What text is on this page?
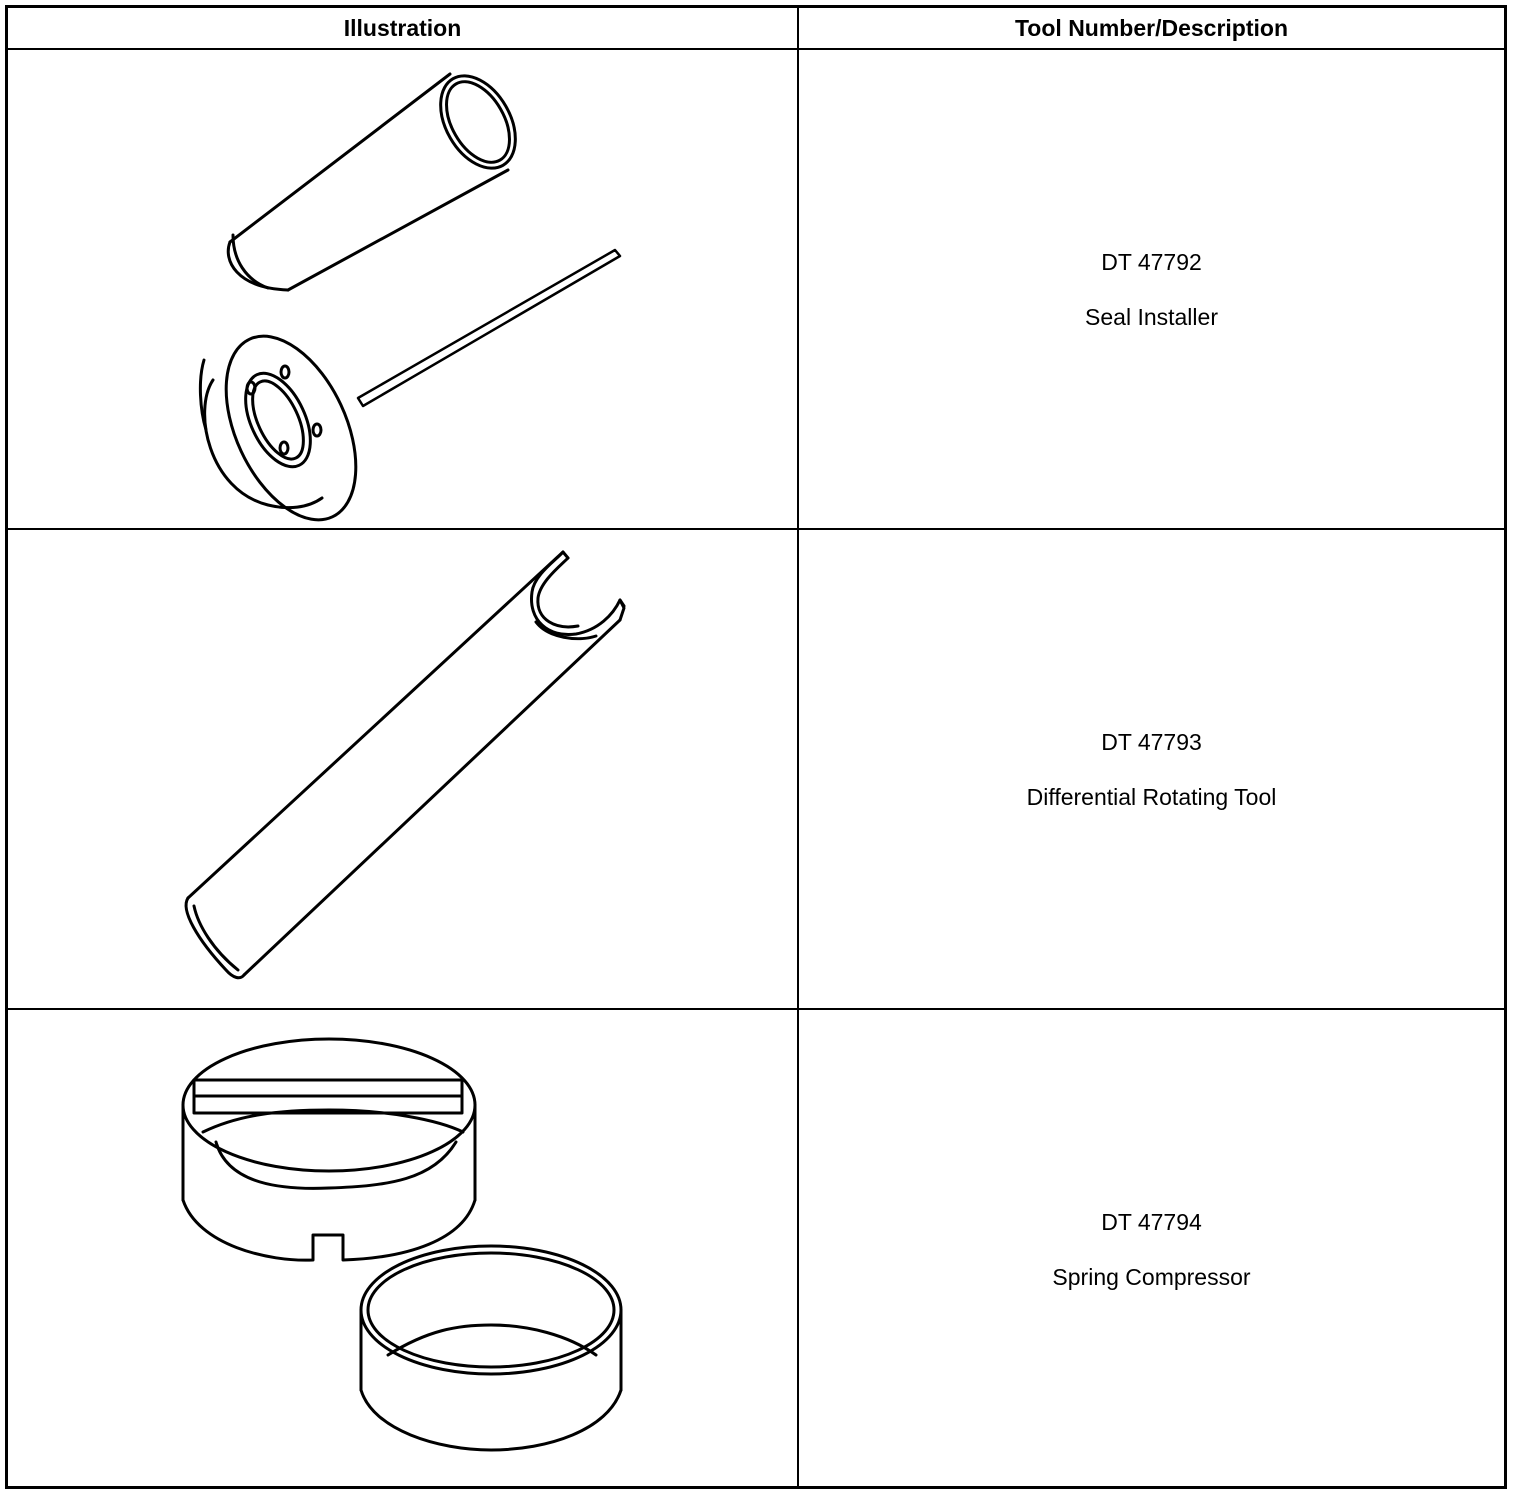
Illustration	Tool Number/Description
DT 47792
Seal Installer
DT 47793
Differential Rotating Tool
DT 47794
Spring Compressor
